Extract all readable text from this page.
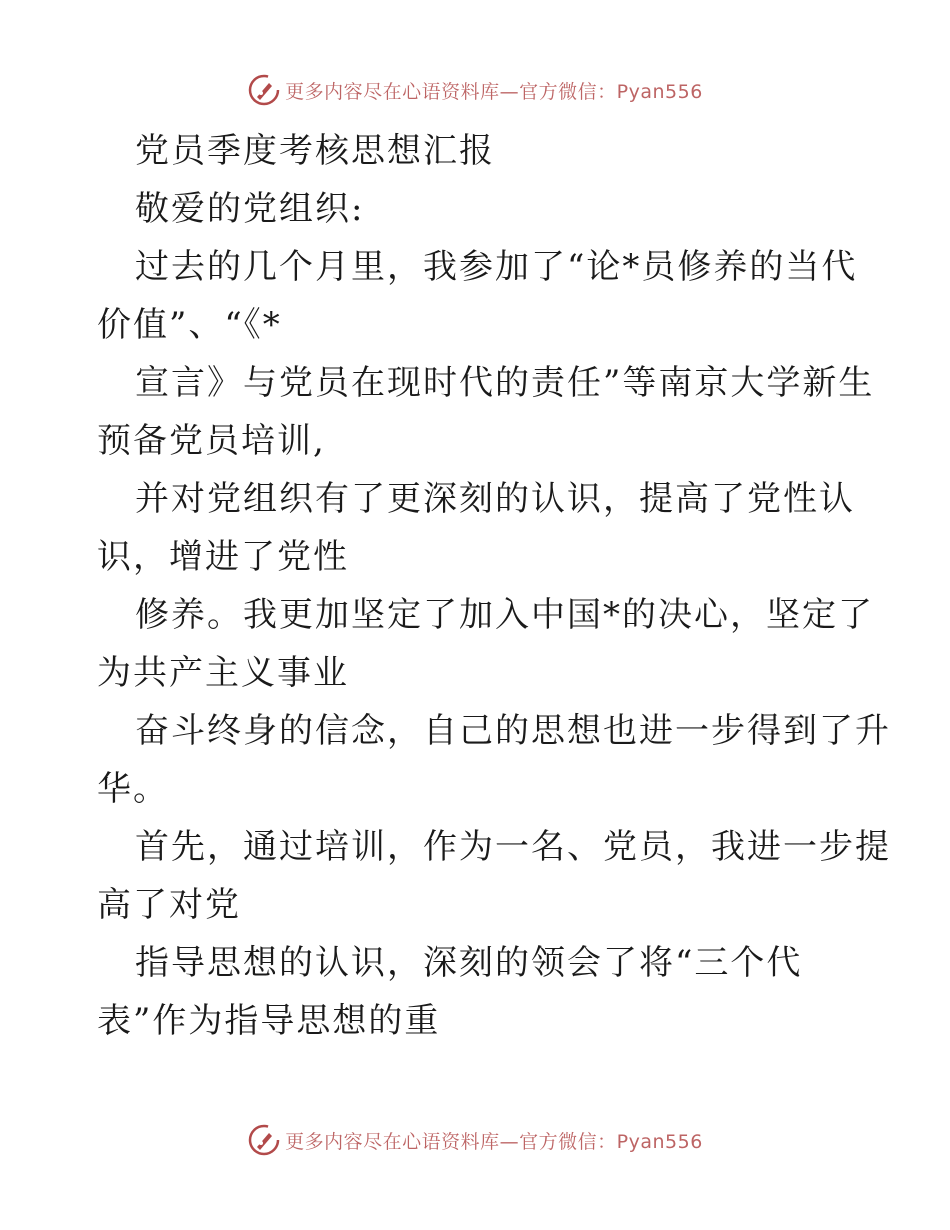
更多内容尽在心语资料库—官方微信：Pyan556
党员季度考核思想汇报
敬爱的党组织:
过去的几个月里，我参加了“论*员修养的当代
价值”、“《*
宣言》与党员在现时代的责任”等南京大学新生
预备党员培训,
并对党组织有了更深刻的认识，提高了党性认
识，增进了党性
修养。我更加坚定了加入中国*的决心，坚定了
为共产主义事业
奋斗终身的信念，自己的思想也进一步得到了升
华。
首先，通过培训，作为一名、党员，我进一步提
高了对党
指导思想的认识，深刻的领会了将“三个代
表”作为指导思想的重
更多内容尽在心语资料库—官方微信：Pyan556
